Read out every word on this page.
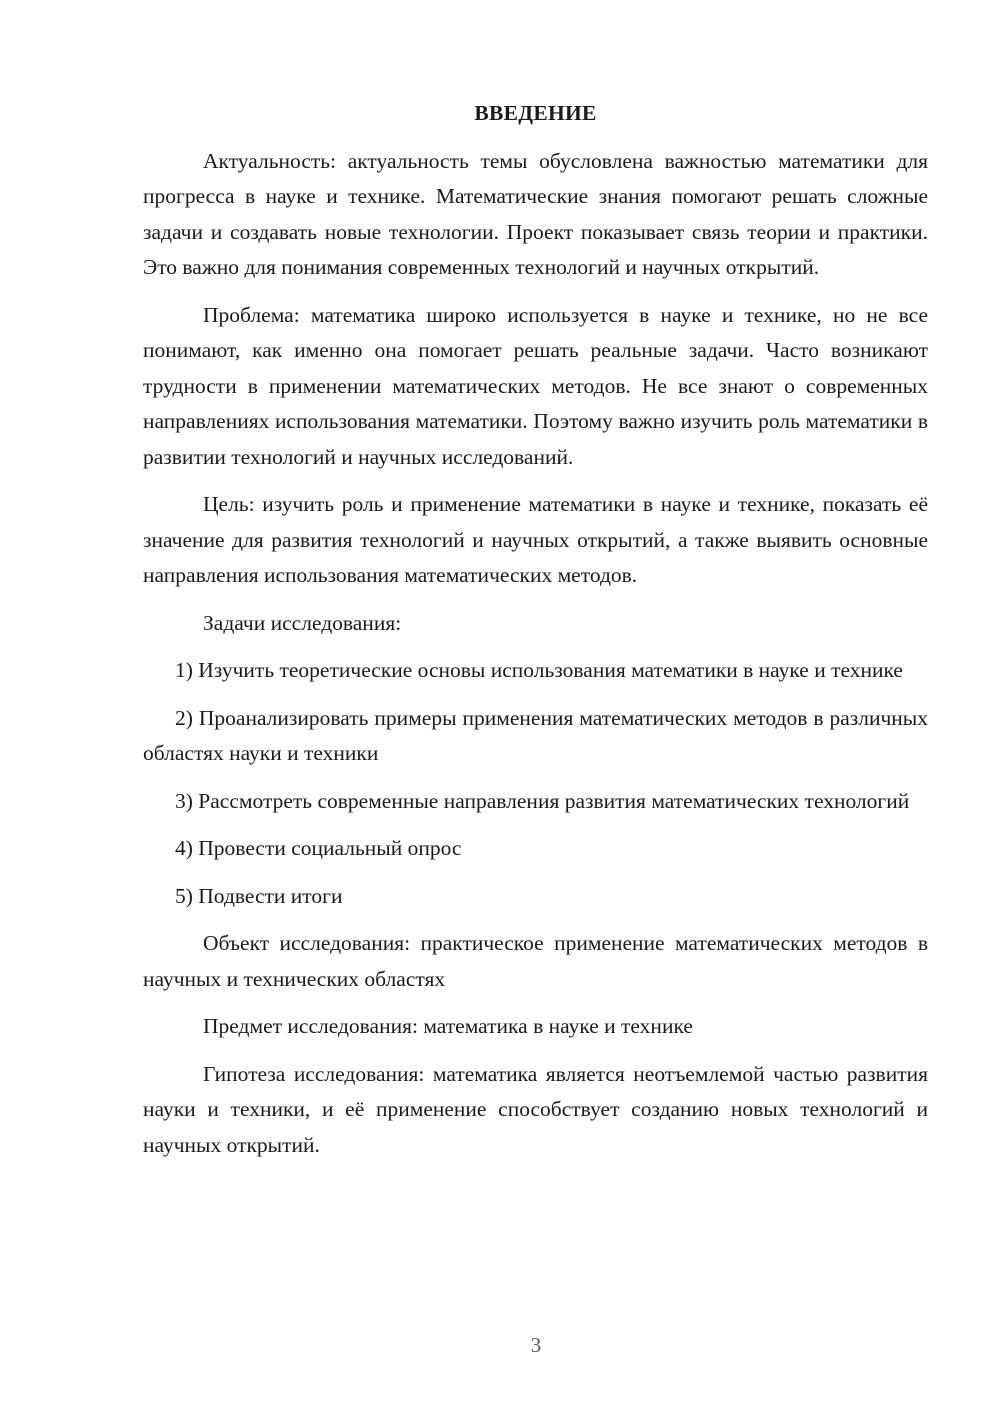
ВВЕДЕНИЕ

Актуальность: актуальность темы обусловлена важностью математики для прогресса в науке и технике. Математические знания помогают решать сложные задачи и создавать новые технологии. Проект показывает связь теории и практики. Это важно для понимания современных технологий и научных открытий.

Проблема: математика широко используется в науке и технике, но не все понимают, как именно она помогает решать реальные задачи. Часто возникают трудности в применении математических методов. Не все знают о современных направлениях использования математики. Поэтому важно изучить роль математики в развитии технологий и научных исследований.

Цель: изучить роль и применение математики в науке и технике, показать её значение для развития технологий и научных открытий, а также выявить основные направления использования математических методов.

Задачи исследования:

1) Изучить теоретические основы использования математики в науке и технике

2) Проанализировать примеры применения математических методов в различных областях науки и техники

3) Рассмотреть современные направления развития математических технологий

4) Провести социальный опрос

5) Подвести итоги

Объект исследования: практическое применение математических методов в научных и технических областях

Предмет исследования: математика в науке и технике

Гипотеза исследования: математика является неотъемлемой частью развития науки и техники, и её применение способствует созданию новых технологий и научных открытий.

3
